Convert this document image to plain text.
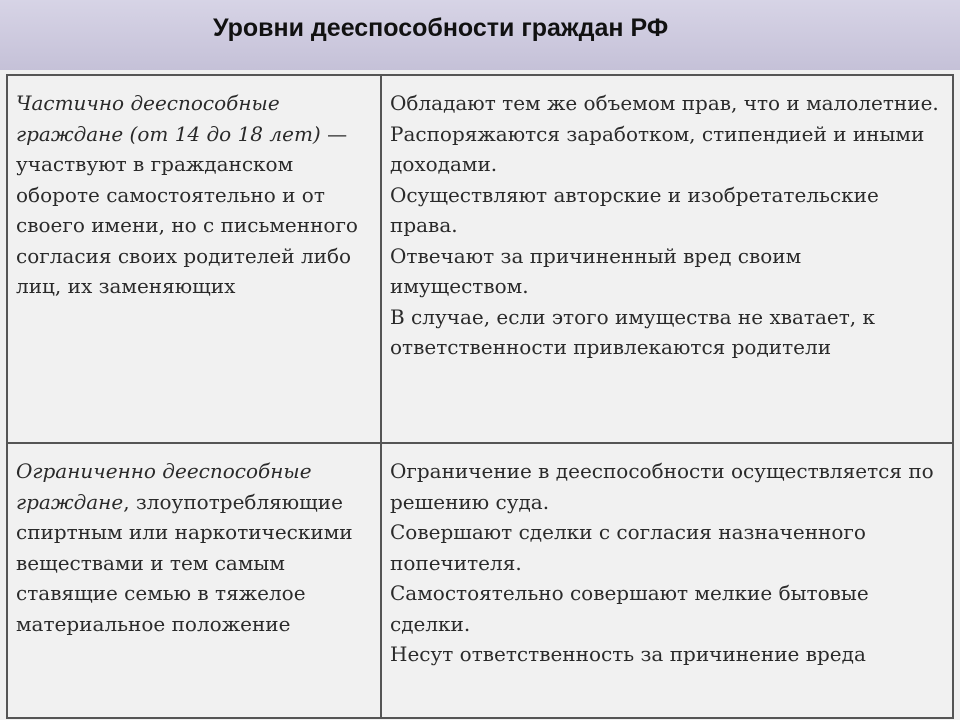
Уровни дееспособности граждан РФ

Частично дееспособные граждане (от 14 до 18 лет) — участвуют в гражданском обороте самостоятельно и от своего имени, но с письменного согласия своих родителей либо лиц, их заменяющих	Обладают тем же объемом прав, что и малолетние.
Распоряжаются заработком, стипендией и иными доходами.
Осуществляют авторские и изобретательские права.
Отвечают за причиненный вред своим имуществом.
В случае, если этого имущества не хватает, к ответственности привлекаются родители

Ограниченно дееспособные граждане, злоупотребляющие спиртным или наркотическими веществами и тем самым ставящие семью в тяжелое материальное положение	Ограничение в дееспособности осуществляется по решению суда.
Совершают сделки с согласия назначенного попечителя.
Самостоятельно совершают мелкие бытовые сделки.
Несут ответственность за причинение вреда
